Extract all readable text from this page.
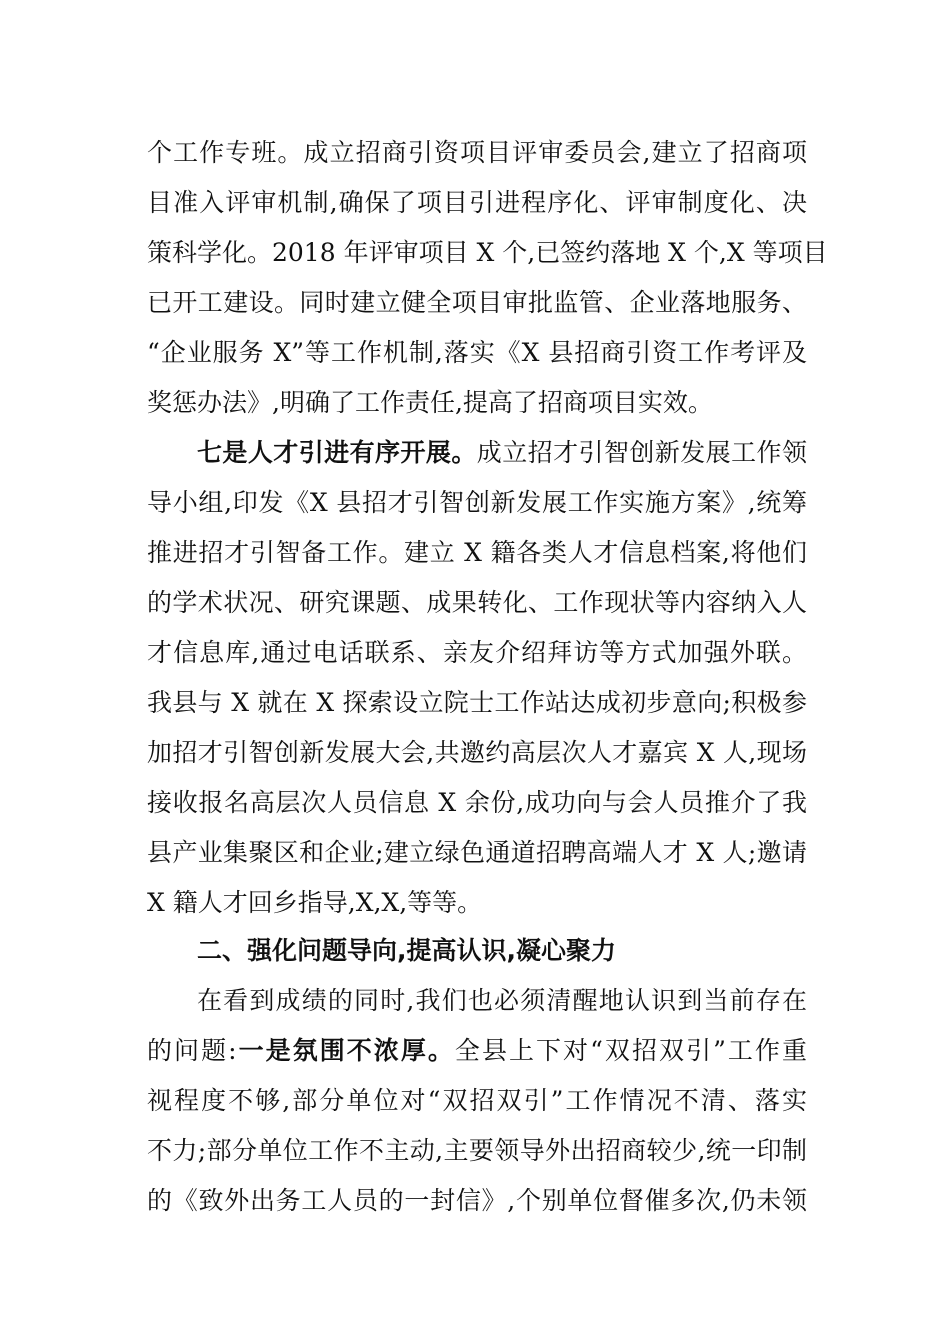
个工作专班。成立招商引资项目评审委员会,建立了招商项
目准入评审机制,确保了项目引进程序化、评审制度化、决
策科学化。2018 年评审项目 X 个,已签约落地 X 个,X 等项目
已开工建设。同时建立健全项目审批监管、企业落地服务、
“企业服务 X”等工作机制,落实《X 县招商引资工作考评及
奖惩办法》,明确了工作责任,提高了招商项目实效。
七是人才引进有序开展。成立招才引智创新发展工作领
导小组,印发《X 县招才引智创新发展工作实施方案》,统筹
推进招才引智备工作。建立 X 籍各类人才信息档案,将他们
的学术状况、研究课题、成果转化、工作现状等内容纳入人
才信息库,通过电话联系、亲友介绍拜访等方式加强外联。
我县与 X 就在 X 探索设立院士工作站达成初步意向;积极参
加招才引智创新发展大会,共邀约高层次人才嘉宾 X 人,现场
接收报名高层次人员信息 X 余份,成功向与会人员推介了我
县产业集聚区和企业;建立绿色通道招聘高端人才 X 人;邀请
X 籍人才回乡指导,X,X,等等。
二、强化问题导向,提高认识,凝心聚力
在看到成绩的同时,我们也必须清醒地认识到当前存在
的问题:一是氛围不浓厚。全县上下对“双招双引”工作重
视程度不够,部分单位对“双招双引”工作情况不清、落实
不力;部分单位工作不主动,主要领导外出招商较少,统一印制
的《致外出务工人员的一封信》,个别单位督催多次,仍未领
